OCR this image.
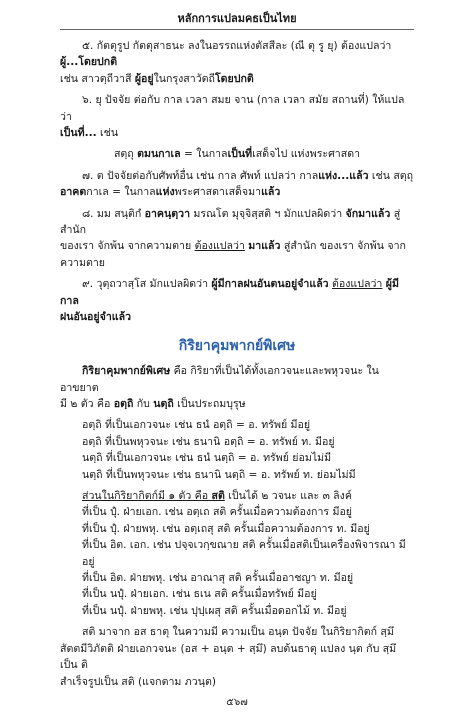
หลักการแปลมคธเป็นไทย

๕. กัตตุรูป กัตตุสาธนะ ลงในอรรถแห่งตัสสีละ (ณี ตุ รู ยุ) ต้องแปลว่า ผู้...โดยปกติ

เช่น สาวตฺถีวาสี ผู้อยู่ในกรุงสาวัตถีโดยปกติ

๖. ยุ ปัจจัย ต่อกับ กาล เวลา สมย จาน (กาล เวลา สมัย สถานที่) ให้แปลว่า

เป็นที่... เช่น

สตฺถุ ตมนกาเล = ในกาลเป็นที่เสด็จไป แห่งพระศาสดา

๗. ต ปัจจัยต่อกับศัพท์อื่น เช่น กาล ศัพท์ แปลว่า กาลแห่ง...แล้ว เช่น สตฺถุ

อาคตกาเล = ในกาลแห่งพระศาสดาเสด็จมาแล้ว

๘. มม สนฺติกํ อาคนฺตฺวา มรณโต มุจฺจิสฺสติ ฯ มักแปลผิดว่า จักมาแล้ว สู่สำนัก

ของเรา จักพ้น จากความตาย ต้องแปลว่า มาแล้ว สู่สำนัก ของเรา จักพ้น จากความตาย

๙. วุตฺถวาสฺโส มักแปลผิดว่า ผู้มีกาลฝนอันตนอยู่จำแล้ว ต้องแปลว่า ผู้มีกาล

ฝนอันอยู่จำแล้ว

กิริยาคุมพากย์พิเศษ

กิริยาคุมพากย์พิเศษ คือ กิริยาที่เป็นได้ทั้งเอกวจนะและพหุวจนะ ในอาขยาต

มี ๒ ตัว คือ อตฺถิ กับ นตฺถิ เป็นประถมบุรุษ

อตฺถิ ที่เป็นเอกวจนะ เช่น ธนํ อตฺถิ = อ. ทรัพย์ มีอยู่

อตฺถิ ที่เป็นพหุวจนะ เช่น ธนานิ อตฺถิ = อ. ทรัพย์ ท. มีอยู่

นตฺถิ ที่เป็นเอกวจนะ เช่น ธนํ นตฺถิ = อ. ทรัพย์ ย่อมไม่มี

นตฺถิ ที่เป็นพหุวจนะ เช่น ธนานิ นตฺถิ = อ. ทรัพย์ ท. ย่อมไม่มี

ส่วนในกิริยากิตก์มี ๑ ตัว คือ สติ เป็นได้ ๒ วจนะ และ ๓ ลิงค์

ที่เป็น ปุํ. ฝ่ายเอก. เช่น อตฺเถ สติ ครั้นเมื่อความต้องการ มีอยู่

ที่เป็น ปุํ. ฝ่ายพหุ. เช่น อตฺเถสุ สติ ครั้นเมื่อความต้องการ ท. มีอยู่

ที่เป็น อิต. เอก. เช่น ปจฺจเวกฺขณาย สติ ครั้นเมื่อสติเป็นเครื่องพิจารณา มีอยู่

ที่เป็น อิต. ฝ่ายพหุ. เช่น อาณาสุ สติ ครั้นเมื่ออาชญา ท. มีอยู่

ที่เป็น นปุํ. ฝ่ายเอก. เช่น ธเน สติ ครั้นเมื่อทรัพย์ มีอยู่

ที่เป็น นปุํ. ฝ่ายพหุ. เช่น ปุปฺเผสุ สติ ครั้นเมื่อดอกไม้ ท. มีอยู่

สติ มาจาก อส ธาตุ ในความมี ความเป็น อนฺต ปัจจัย ในกิริยากิตก์ สฺมึ

สัตตมีวิภัตติ ฝ่ายเอกวจนะ (อส + อนฺต + สฺมึ) ลบต้นธาตุ แปลง นฺต กับ สฺมึ เป็น ติ

สำเร็จรูปเป็น สติ (แจกตาม ภวนฺต)

๕๖๗
